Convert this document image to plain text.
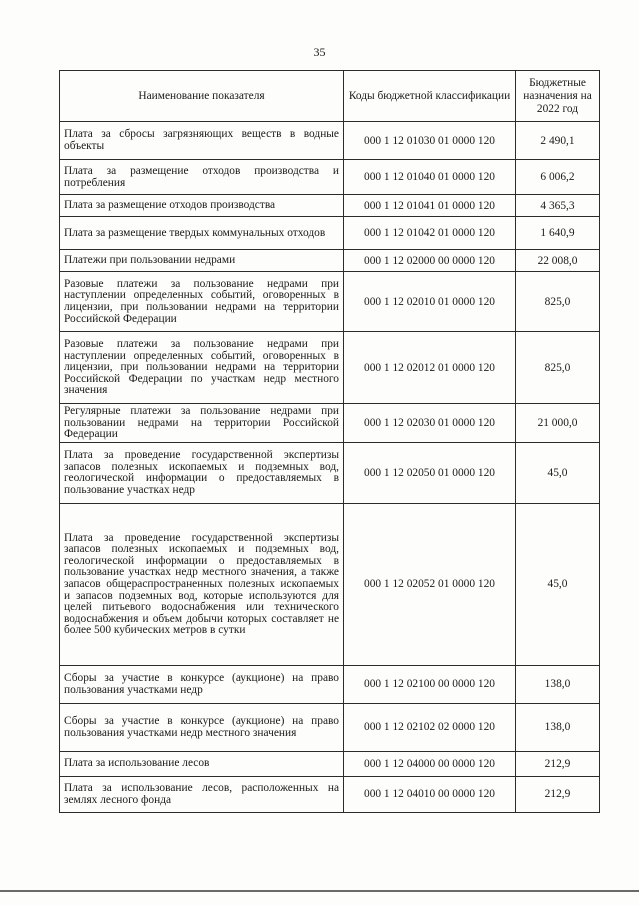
35
Наименование показателя	Коды бюджетной классификации	Бюджетные назначения на 2022 год
Плата за сбросы загрязняющих веществ в водные объекты	000 1 12 01030 01 0000 120	2 490,1
Плата за размещение отходов производства и потребления	000 1 12 01040 01 0000 120	6 006,2
Плата за размещение отходов производства	000 1 12 01041 01 0000 120	4 365,3
Плата за размещение твердых коммунальных отходов	000 1 12 01042 01 0000 120	1 640,9
Платежи при пользовании недрами	000 1 12 02000 00 0000 120	22 008,0
Разовые платежи за пользование недрами при наступлении определенных событий, оговоренных в лицензии, при пользовании недрами на территории Российской Федерации	000 1 12 02010 01 0000 120	825,0
Разовые платежи за пользование недрами при наступлении определенных событий, оговоренных в лицензии, при пользовании недрами на территории Российской Федерации по участкам недр местного значения	000 1 12 02012 01 0000 120	825,0
Регулярные платежи за пользование недрами при пользовании недрами на территории Российской Федерации	000 1 12 02030 01 0000 120	21 000,0
Плата за проведение государственной экспертизы запасов полезных ископаемых и подземных вод, геологической информации о предоставляемых в пользование участках недр	000 1 12 02050 01 0000 120	45,0
Плата за проведение государственной экспертизы запасов полезных ископаемых и подземных вод, геологической информации о предоставляемых в пользование участках недр местного значения, а также запасов общераспространенных полезных ископаемых и запасов подземных вод, которые используются для целей питьевого водоснабжения или технического водоснабжения и объем добычи которых составляет не более 500 кубических метров в сутки	000 1 12 02052 01 0000 120	45,0
Сборы за участие в конкурсе (аукционе) на право пользования участками недр	000 1 12 02100 00 0000 120	138,0
Сборы за участие в конкурсе (аукционе) на право пользования участками недр местного значения	000 1 12 02102 02 0000 120	138,0
Плата за использование лесов	000 1 12 04000 00 0000 120	212,9
Плата за использование лесов, расположенных на землях лесного фонда	000 1 12 04010 00 0000 120	212,9
